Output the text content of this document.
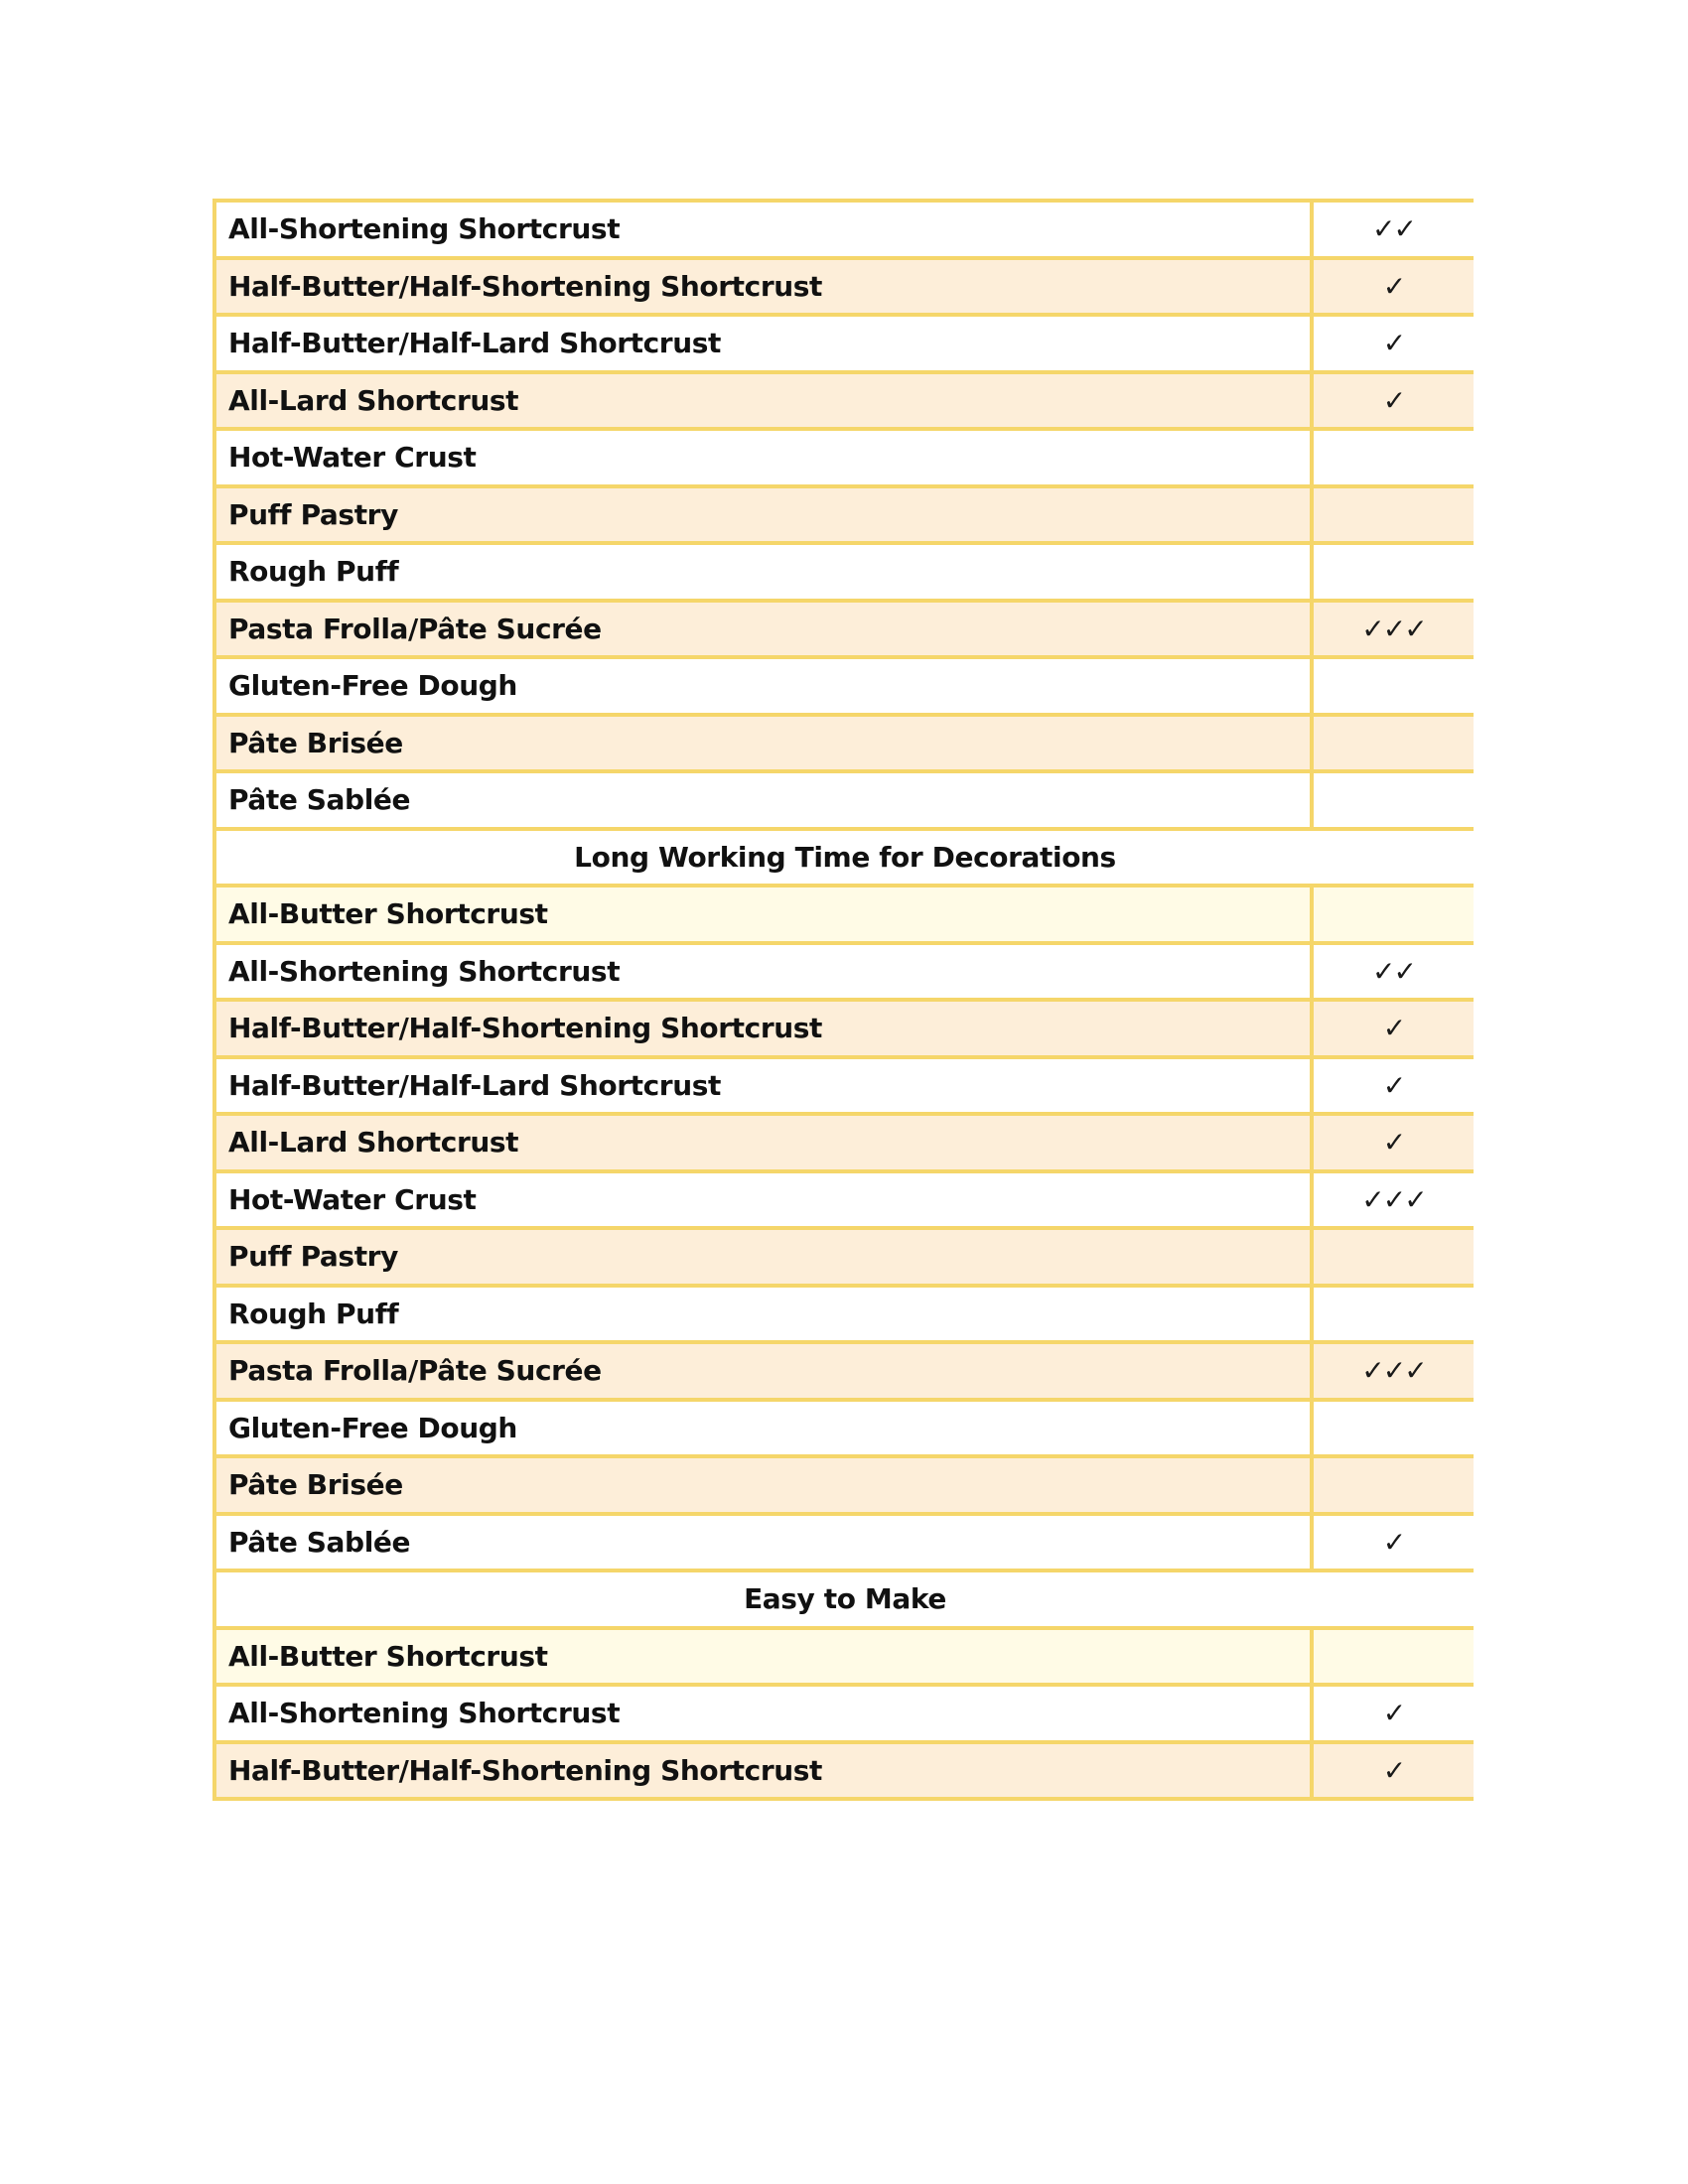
All-Shortening Shortcrust	✓✓
Half-Butter/Half-Shortening Shortcrust	✓
Half-Butter/Half-Lard Shortcrust	✓
All-Lard Shortcrust	✓
Hot-Water Crust	
Puff Pastry	
Rough Puff	
Pasta Frolla/Pâte Sucrée	✓✓✓
Gluten-Free Dough	
Pâte Brisée	
Pâte Sablée	
Long Working Time for Decorations	
All-Butter Shortcrust	
All-Shortening Shortcrust	✓✓
Half-Butter/Half-Shortening Shortcrust	✓
Half-Butter/Half-Lard Shortcrust	✓
All-Lard Shortcrust	✓
Hot-Water Crust	✓✓✓
Puff Pastry	
Rough Puff	
Pasta Frolla/Pâte Sucrée	✓✓✓
Gluten-Free Dough	
Pâte Brisée	
Pâte Sablée	✓
Easy to Make	
All-Butter Shortcrust	
All-Shortening Shortcrust	✓
Half-Butter/Half-Shortening Shortcrust	✓
